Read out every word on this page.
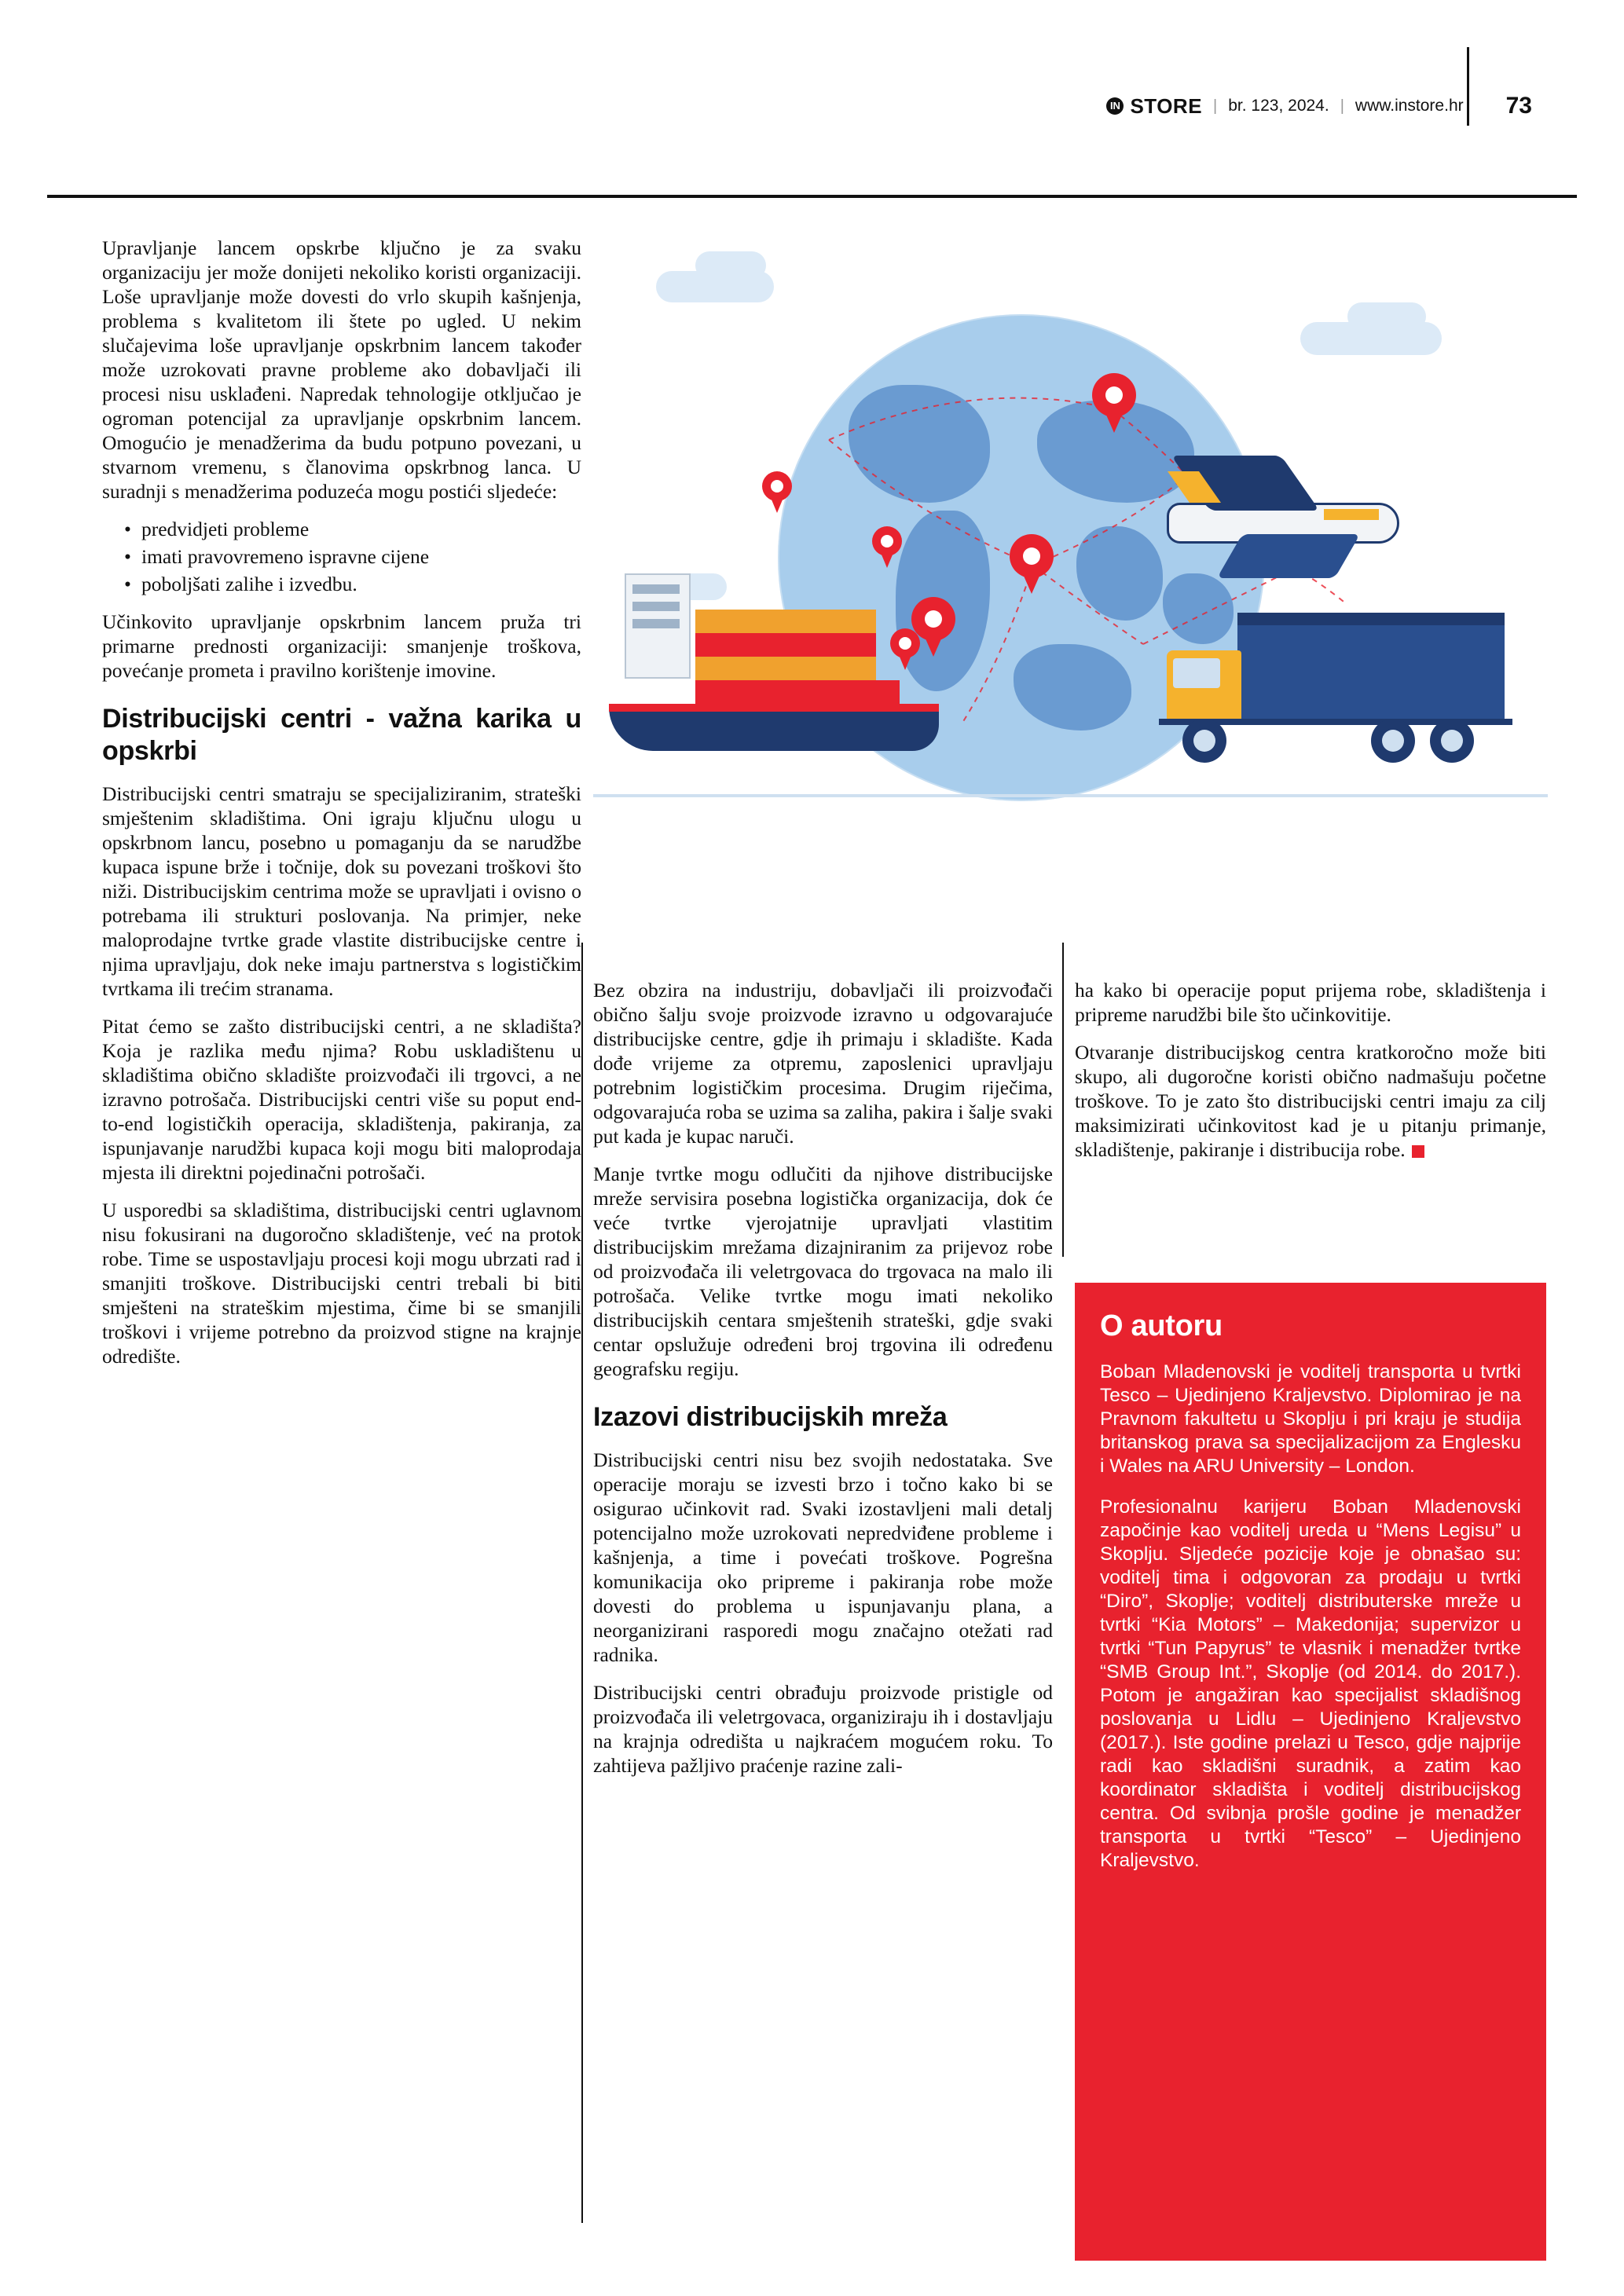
IN STORE | br. 123, 2024. | www.instore.hr 73

Upravljanje lancem opskrbe ključno je za svaku organizaciju jer može donijeti nekoliko koristi organizaciji. Loše upravljanje može dovesti do vrlo skupih kašnjenja, problema s kvalitetom ili štete po ugled. U nekim slučajevima loše upravljanje opskrbnim lancem također može uzrokovati pravne probleme ako dobavljači ili procesi nisu usklađeni. Napredak tehnologije otključao je ogroman potencijal za upravljanje opskrbnim lancem. Omogućio je menadžerima da budu potpuno povezani, u stvarnom vremenu, s članovima opskrbnog lanca. U suradnji s menadžerima poduzeća mogu postići sljedeće:

• predvidjeti probleme
• imati pravovremeno ispravne cijene
• poboljšati zalihe i izvedbu.

Učinkovito upravljanje opskrbnim lancem pruža tri primarne prednosti organizaciji: smanjenje troškova, povećanje prometa i pravilno korištenje imovine.

Distribucijski centri - važna karika u opskrbi

Distribucijski centri smatraju se specijaliziranim, strateški smještenim skladištima. Oni igraju ključnu ulogu u opskrbnom lancu, posebno u pomaganju da se narudžbe kupaca ispune brže i točnije, dok su povezani troškovi što niži. Distribucijskim centrima može se upravljati i ovisno o potrebama ili strukturi poslovanja. Na primjer, neke maloprodajne tvrtke grade vlastite distribucijske centre i njima upravljaju, dok neke imaju partnerstva s logističkim tvrtkama ili trećim stranama.

Pitat ćemo se zašto distribucijski centri, a ne skladišta? Koja je razlika među njima? Robu uskladištenu u skladištima obično skladište proizvođači ili trgovci, a ne izravno potrošača. Distribucijski centri više su poput end-to-end logističkih operacija, skladištenja, pakiranja, za ispunjavanje narudžbi kupaca koji mogu biti maloprodaja mjesta ili direktni pojedinačni potrošači.

U usporedbi sa skladištima, distribucijski centri uglavnom nisu fokusirani na dugoročno skladištenje, već na protok robe. Time se uspostavljaju procesi koji mogu ubrzati rad i smanjiti troškove. Distribucijski centri trebali bi biti smješteni na strateškim mjestima, čime bi se smanjili troškovi i vrijeme potrebno da proizvod stigne na krajnje odredište.

Bez obzira na industriju, dobavljači ili proizvođači obično šalju svoje proizvode izravno u odgovarajuće distribucijske centre, gdje ih primaju i skladište. Kada dođe vrijeme za otpremu, zaposlenici upravljaju potrebnim logističkim procesima. Drugim riječima, odgovarajuća roba se uzima sa zaliha, pakira i šalje svaki put kada je kupac naruči.

Manje tvrtke mogu odlučiti da njihove distribucijske mreže servisira posebna logistička organizacija, dok će veće tvrtke vjerojatnije upravljati vlastitim distribucijskim mrežama dizajniranim za prijevoz robe od proizvođača ili veletrgovaca do trgovaca na malo ili potrošača. Velike tvrtke mogu imati nekoliko distribucijskih centara smještenih strateški, gdje svaki centar opslužuje određeni broj trgovina ili određenu geografsku regiju.

Izazovi distribucijskih mreža

Distribucijski centri nisu bez svojih nedostataka. Sve operacije moraju se izvesti brzo i točno kako bi se osigurao učinkovit rad. Svaki izostavljeni mali detalj potencijalno može uzrokovati nepredviđene probleme i kašnjenja, a time i povećati troškove. Pogrešna komunikacija oko pripreme i pakiranja robe može dovesti do problema u ispunjavanju plana, a neorganizirani rasporedi mogu značajno otežati rad radnika.

Distribucijski centri obrađuju proizvode pristigle od proizvođača ili veletrgovaca, organiziraju ih i dostavljaju na krajnja odredišta u najkraćem mogućem roku. To zahtijeva pažljivo praćenje razine zali-

ha kako bi operacije poput prijema robe, skladištenja i pripreme narudžbi bile što učinkovitije.

Otvaranje distribucijskog centra kratkoročno može biti skupo, ali dugoročne koristi obično nadmašuju početne troškove. To je zato što distribucijski centri imaju za cilj maksimizirati učinkovitost kad je u pitanju primanje, skladištenje, pakiranje i distribucija robe.

O autoru

Boban Mladenovski je voditelj transporta u tvrtki Tesco – Ujedinjeno Kraljevstvo. Diplomirao je na Pravnom fakultetu u Skoplju i pri kraju je studija britanskog prava sa specijalizacijom za Englesku i Wales na ARU University – London.

Profesionalnu karijeru Boban Mladenovski započinje kao voditelj ureda u “Mens Legisu” u Skoplju. Sljedeće pozicije koje je obnašao su: voditelj tima i odgovoran za prodaju u tvrtki “Diro”, Skoplje; voditelj distributerske mreže u tvrtki “Kia Motors” – Makedonija; supervizor u tvrtki “Tun Papyrus” te vlasnik i menadžer tvrtke “SMB Group Int.”, Skoplje (od 2014. do 2017.). Potom je angažiran kao specijalist skladišnog poslovanja u Lidlu – Ujedinjeno Kraljevstvo (2017.). Iste godine prelazi u Tesco, gdje najprije radi kao skladišni suradnik, a zatim kao koordinator skladišta i voditelj distribucijskog centra. Od svibnja prošle godine je menadžer transporta u tvrtki “Tesco” – Ujedinjeno Kraljevstvo.
